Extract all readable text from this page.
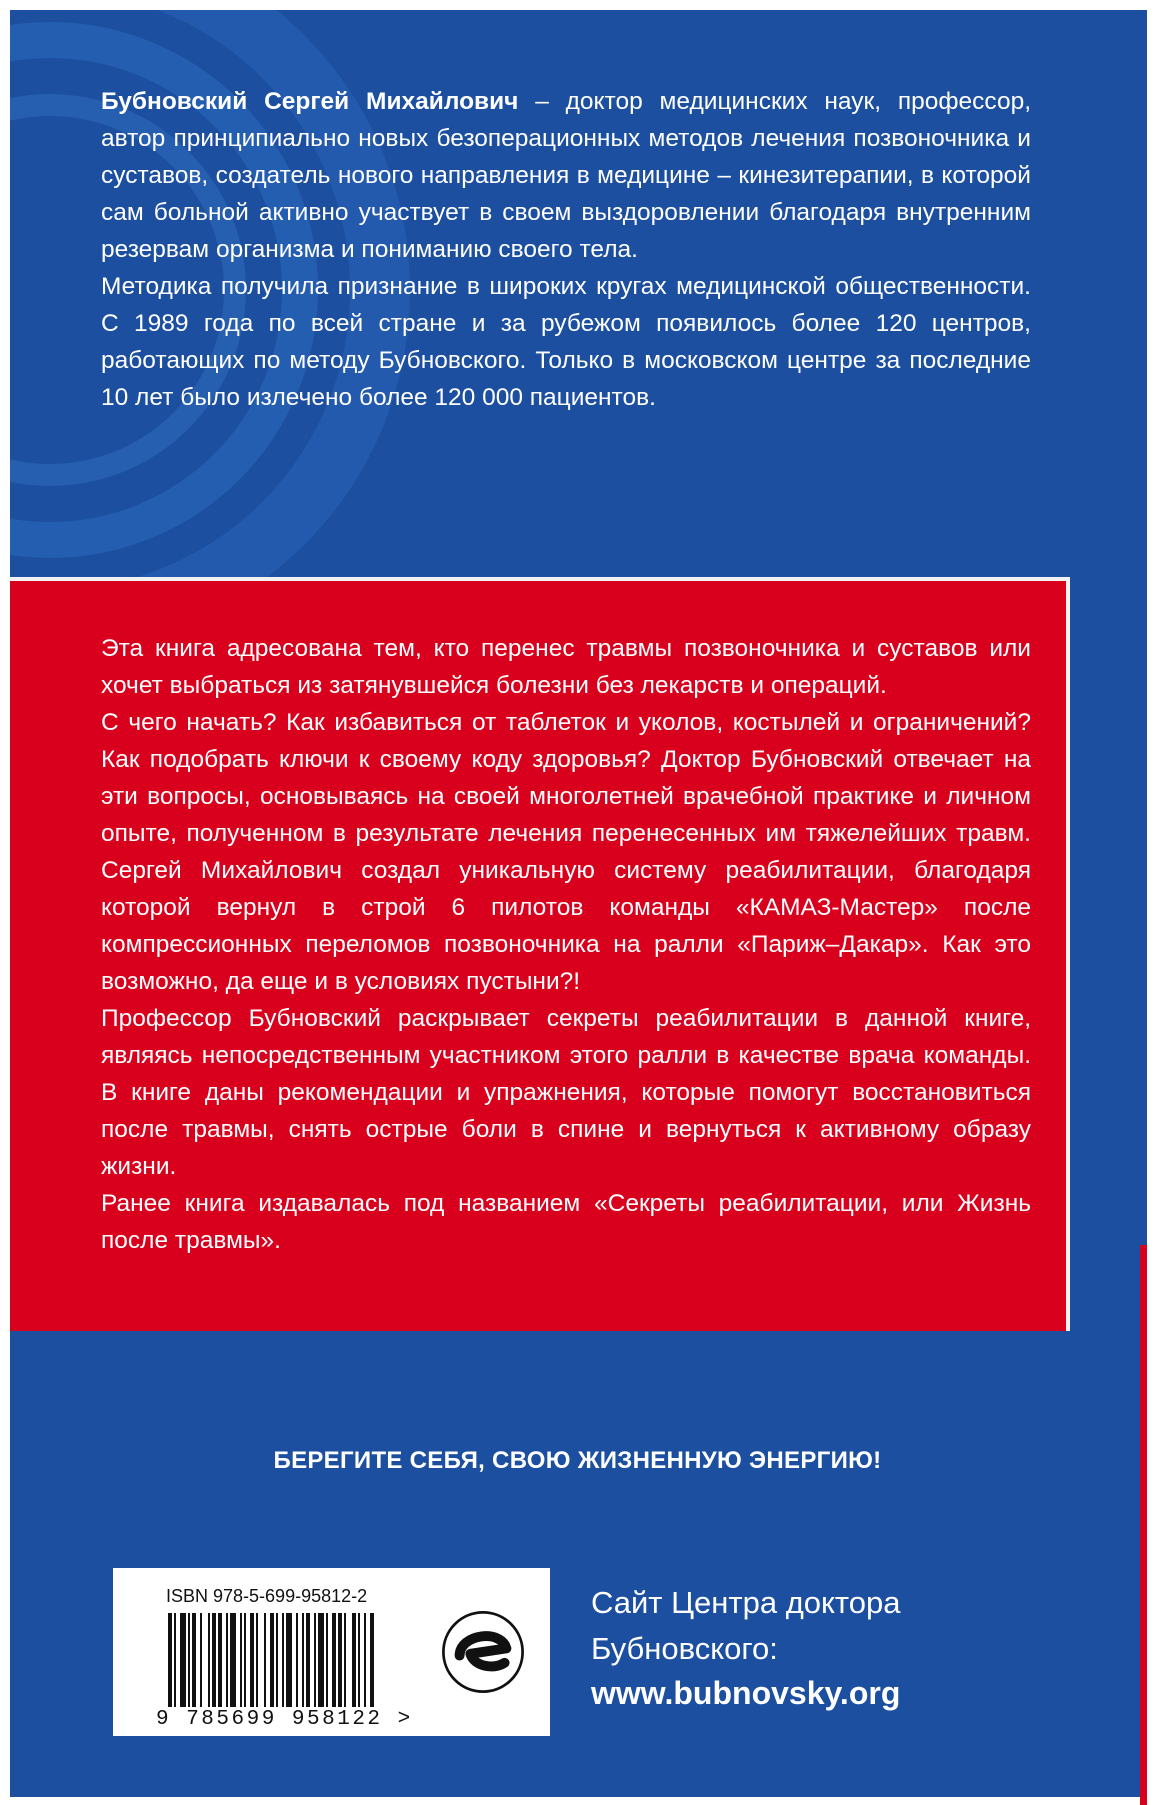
Бубновский Сергей Михайлович – доктор медицинских наук, профессор, автор принципиально новых безоперационных методов лечения позвоночника и суставов, создатель нового направления в медицине – кинезитерапии, в которой сам больной активно участвует в своем выздоровлении благодаря внутренним резервам организма и пониманию своего тела.

Методика получила признание в широких кругах медицинской общественности. С 1989 года по всей стране и за рубежом появилось более 120 центров, работающих по методу Бубновского. Только в московском центре за последние 10 лет было излечено более 120 000 пациентов.

Эта книга адресована тем, кто перенес травмы позвоночника и суставов или хочет выбраться из затянувшейся болезни без лекарств и операций.

С чего начать? Как избавиться от таблеток и уколов, костылей и ограничений? Как подобрать ключи к своему коду здоровья? Доктор Бубновский отвечает на эти вопросы, основываясь на своей многолетней врачебной практике и личном опыте, полученном в результате лечения перенесенных им тяжелейших травм. Сергей Михайлович создал уникальную систему реабилитации, благодаря которой вернул в строй 6 пилотов команды «КАМАЗ-Мастер» после компрессионных переломов позвоночника на ралли «Париж–Дакар». Как это возможно, да еще и в условиях пустыни?!

Профессор Бубновский раскрывает секреты реабилитации в данной книге, являясь непосредственным участником этого ралли в качестве врача команды. В книге даны рекомендации и упражнения, которые помогут восстановиться после травмы, снять острые боли в спине и вернуться к активному образу жизни.

Ранее книга издавалась под названием «Секреты реабилитации, или Жизнь после травмы».

БЕРЕГИТЕ СЕБЯ, СВОЮ ЖИЗНЕННУЮ ЭНЕРГИЮ!
ISBN 978-5-699-95812-2
9 785699 958122 >
Сайт Центра доктора
Бубновского:
www.bubnovsky.org
